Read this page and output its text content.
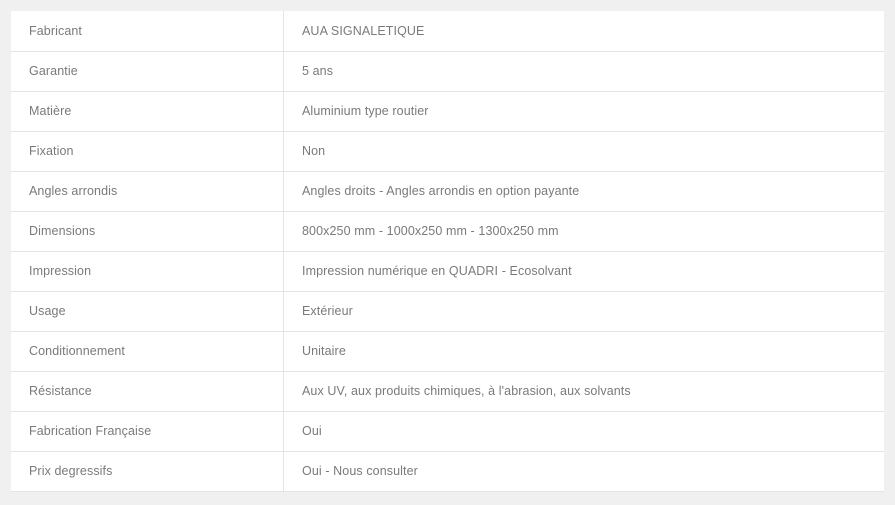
Fabricant	AUA SIGNALETIQUE
Garantie	5 ans
Matière	Aluminium type routier
Fixation	Non
Angles arrondis	Angles droits - Angles arrondis en option payante
Dimensions	800x250 mm - 1000x250 mm - 1300x250 mm
Impression	Impression numérique en QUADRI - Ecosolvant
Usage	Extérieur
Conditionnement	Unitaire
Résistance	Aux UV, aux produits chimiques, à l'abrasion, aux solvants
Fabrication Française	Oui
Prix degressifs	Oui - Nous consulter
